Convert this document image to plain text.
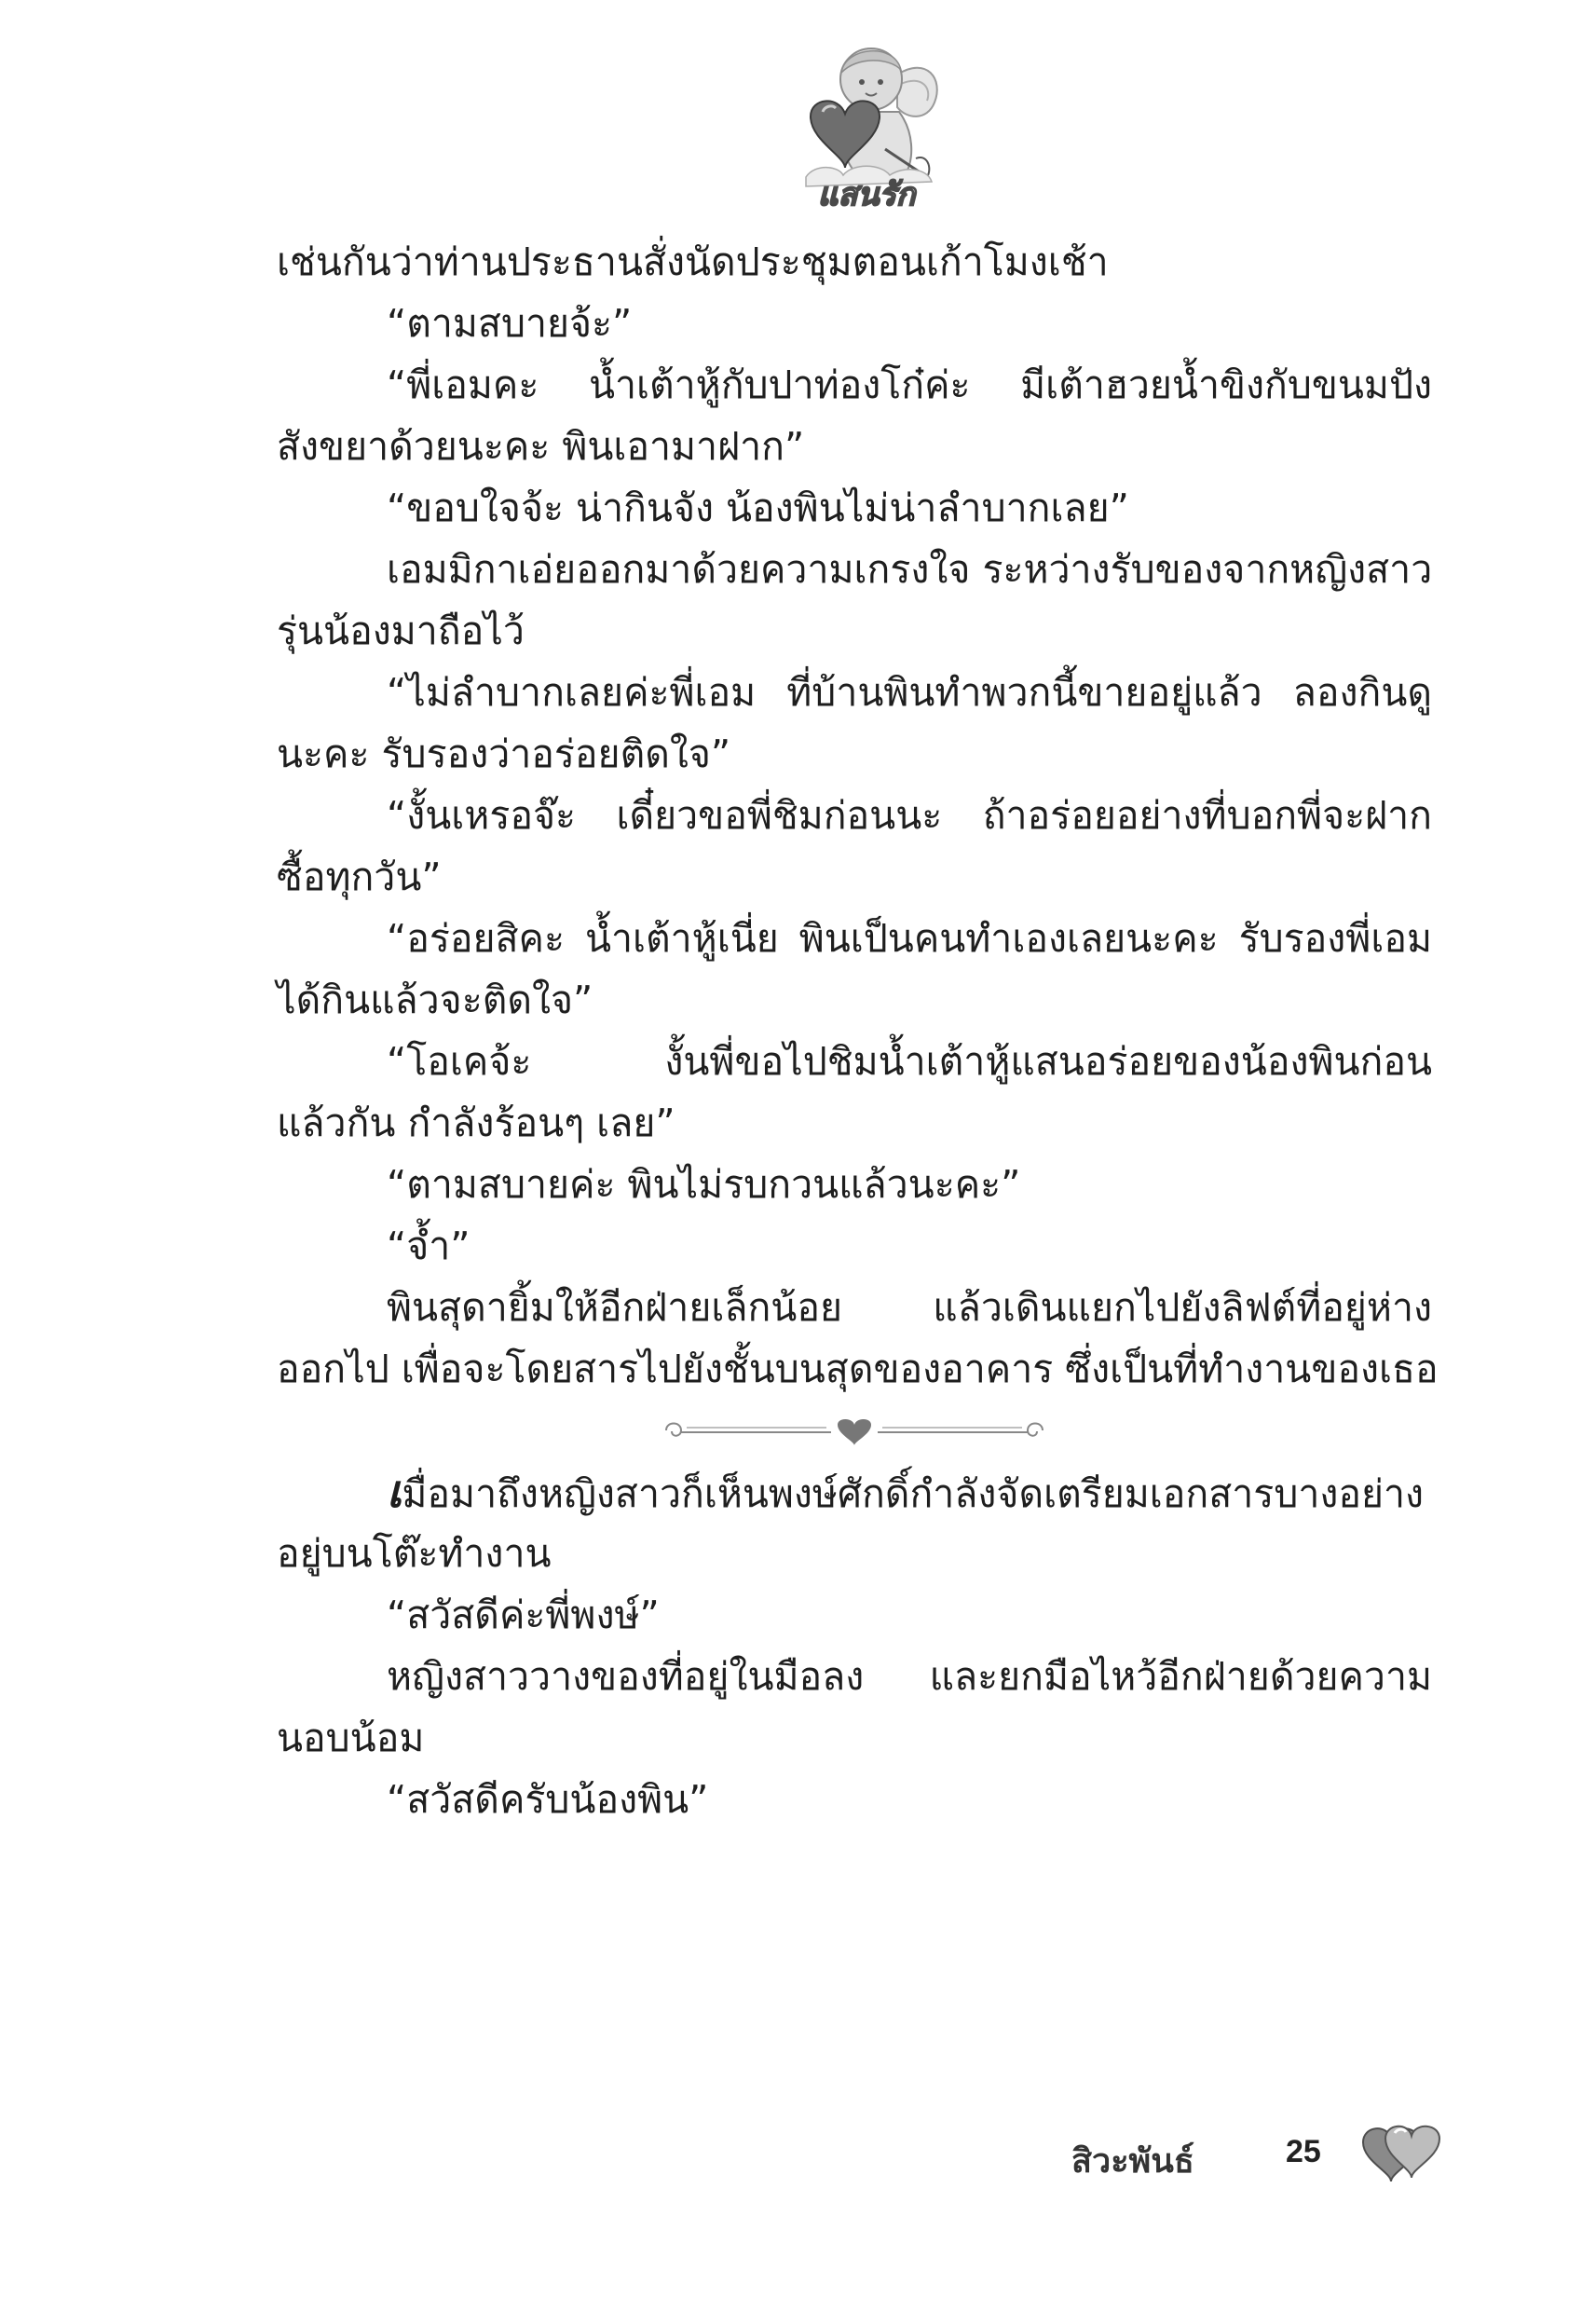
แสนรัก
เช่นกันว่าท่านประธานสั่งนัดประชุมตอนเก้าโมงเช้า
“ตามสบายจ้ะ”
“พี่เอมคะ น้ำเต้าหู้กับปาท่องโก๋ค่ะ มีเต้าฮวยน้ำขิงกับขนมปัง
สังขยาด้วยนะคะ พินเอามาฝาก”
“ขอบใจจ้ะ น่ากินจัง น้องพินไม่น่าลำบากเลย”
เอมมิกาเอ่ยออกมาด้วยความเกรงใจ ระหว่างรับของจากหญิงสาว
รุ่นน้องมาถือไว้
“ไม่ลำบากเลยค่ะพี่เอม ที่บ้านพินทำพวกนี้ขายอยู่แล้ว ลองกินดู
นะคะ รับรองว่าอร่อยติดใจ”
“งั้นเหรอจ๊ะ เดี๋ยวขอพี่ชิมก่อนนะ ถ้าอร่อยอย่างที่บอกพี่จะฝาก
ซื้อทุกวัน”
“อร่อยสิคะ น้ำเต้าหู้เนี่ย พินเป็นคนทำเองเลยนะคะ รับรองพี่เอม
ได้กินแล้วจะติดใจ”
“โอเคจ้ะ งั้นพี่ขอไปชิมน้ำเต้าหู้แสนอร่อยของน้องพินก่อน
แล้วกัน กำลังร้อนๆ เลย”
“ตามสบายค่ะ พินไม่รบกวนแล้วนะคะ”
“จ้ำ”
พินสุดายิ้มให้อีกฝ่ายเล็กน้อย แล้วเดินแยกไปยังลิฟต์ที่อยู่ห่าง
ออกไป เพื่อจะโดยสารไปยังชั้นบนสุดของอาคาร ซึ่งเป็นที่ทำงานของเธอ
เมื่อมาถึงหญิงสาวก็เห็นพงษ์ศักดิ์กำลังจัดเตรียมเอกสารบางอย่าง
อยู่บนโต๊ะทำงาน
“สวัสดีค่ะพี่พงษ์”
หญิงสาววางของที่อยู่ในมือลง และยกมือไหว้อีกฝ่ายด้วยความ
นอบน้อม
“สวัสดีครับน้องพิน”
สิวะพันธ์	25
